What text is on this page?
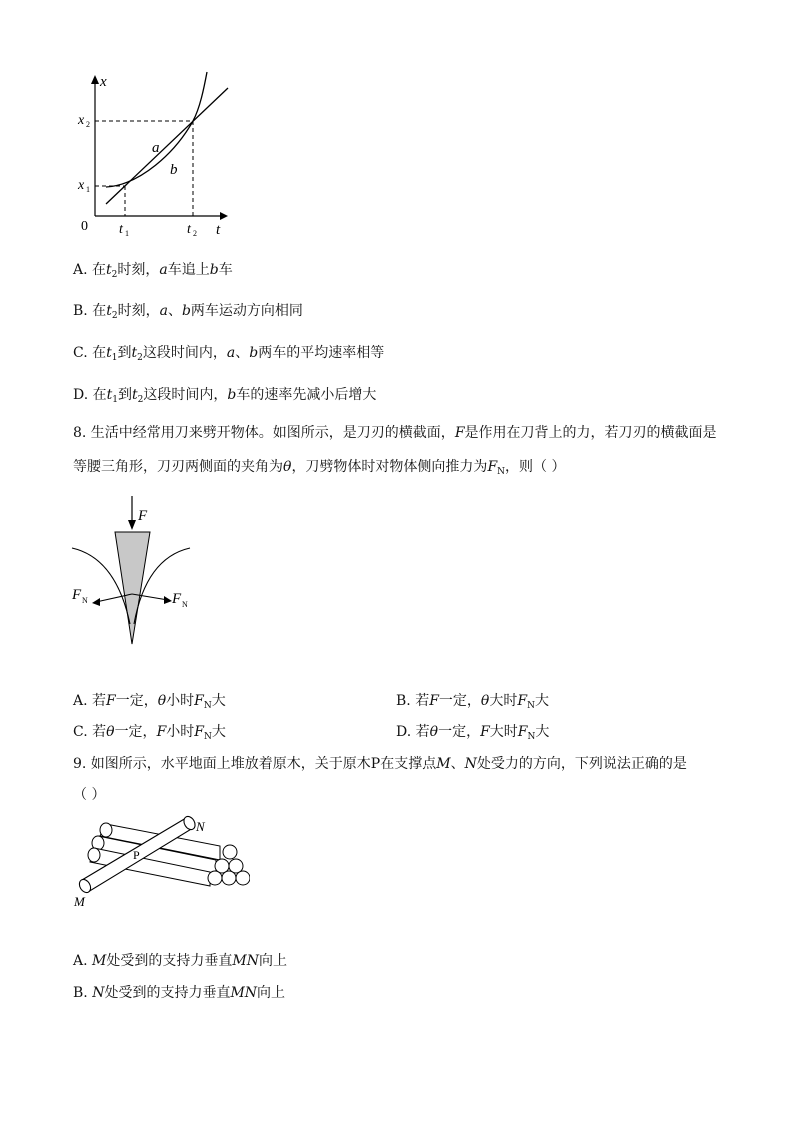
x
t
0
x 2
x 1
t 1	t 2
a
b
A. 在$t_2$时刻，a车追上b车
B. 在$t_2$时刻，a、b两车运动方向相同
C. 在$t_1$到$t_2$这段时间内，a、b两车的平均速率相等
D. 在$t_1$到$t_2$这段时间内，b车的速率先减小后增大
8. 生活中经常用刀来劈开物体。如图所示，是刀刃的横截面，F是作用在刀背上的力，若刀刃的横截面是
等腰三角形，刀刃两侧面的夹角为θ，刀劈物体时对物体侧向推力为$F_N$，则（ ）
F
F N	F N
A. 若F一定，θ小时$F_N$大	B. 若F一定，θ大时$F_N$大
C. 若θ一定，F小时$F_N$大	D. 若θ一定，F大时$F_N$大
9. 如图所示，水平地面上堆放着原木，关于原木P在支撑点M、N处受力的方向，下列说法正确的是
（ ）
N
P
M
A. M处受到的支持力垂直MN向上
B. N处受到的支持力垂直MN向上
